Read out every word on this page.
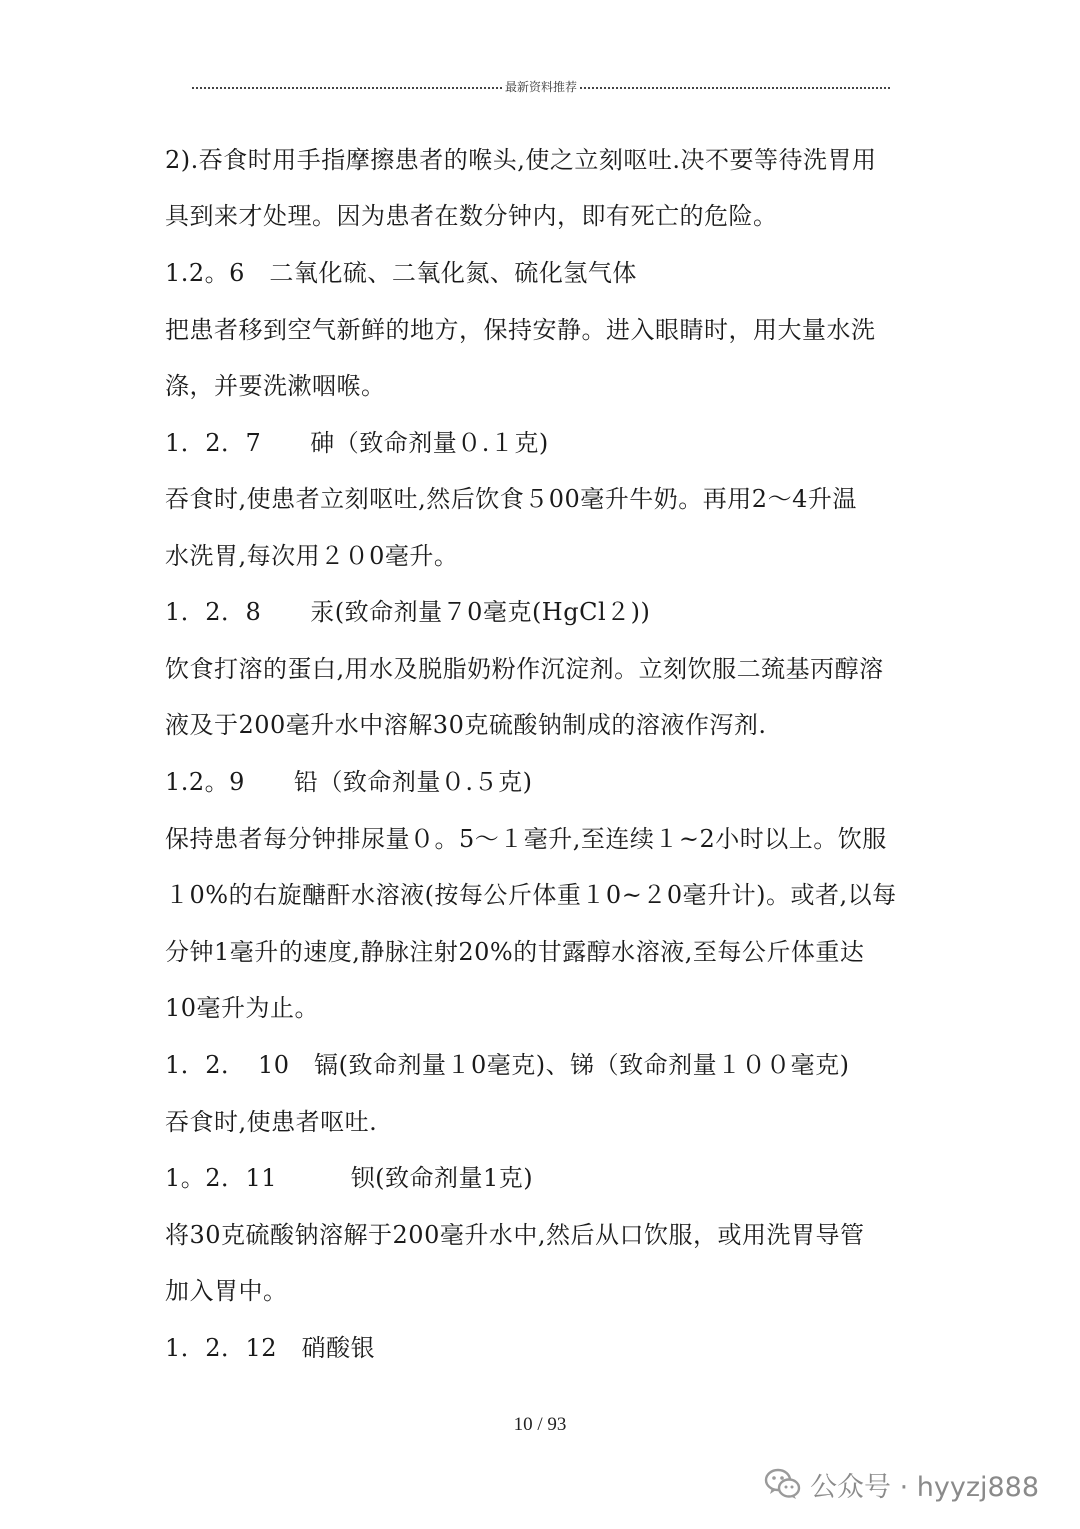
最新资料推荐
2).吞食时用手指摩擦患者的喉头,使之立刻呕吐.决不要等待洗胃用
具到来才处理。因为患者在数分钟内，即有死亡的危险。
1.2。6　二氧化硫、二氧化氮、硫化氢气体
把患者移到空气新鲜的地方，保持安静。进入眼睛时，用大量水洗
涤，并要洗漱咽喉。
1．2．7　　砷（致命剂量０.１克)
吞食时,使患者立刻呕吐,然后饮食５00毫升牛奶。再用2～4升温
水洗胃,每次用２０0毫升。
1．2．8　　汞(致命剂量７0毫克(HgCl２))
饮食打溶的蛋白,用水及脱脂奶粉作沉淀剂。立刻饮服二巯基丙醇溶
液及于200毫升水中溶解30克硫酸钠制成的溶液作泻剂.
1.2。9　　铅（致命剂量０.５克)
保持患者每分钟排尿量０。5～１毫升,至连续１~2小时以上。饮服
１0%的右旋醣酐水溶液(按每公斤体重１0~２0毫升计)。或者,以每
分钟1毫升的速度,静脉注射20%的甘露醇水溶液,至每公斤体重达
10毫升为止。
1．2．　10　镉(致命剂量１0毫克)、锑（致命剂量１００毫克)
吞食时,使患者呕吐.
1。2．11　　　钡(致命剂量1克)
将30克硫酸钠溶解于200毫升水中,然后从口饮服，或用洗胃导管
加入胃中。
1．2．12　硝酸银
10 / 93
公众号 · hyyzj888
